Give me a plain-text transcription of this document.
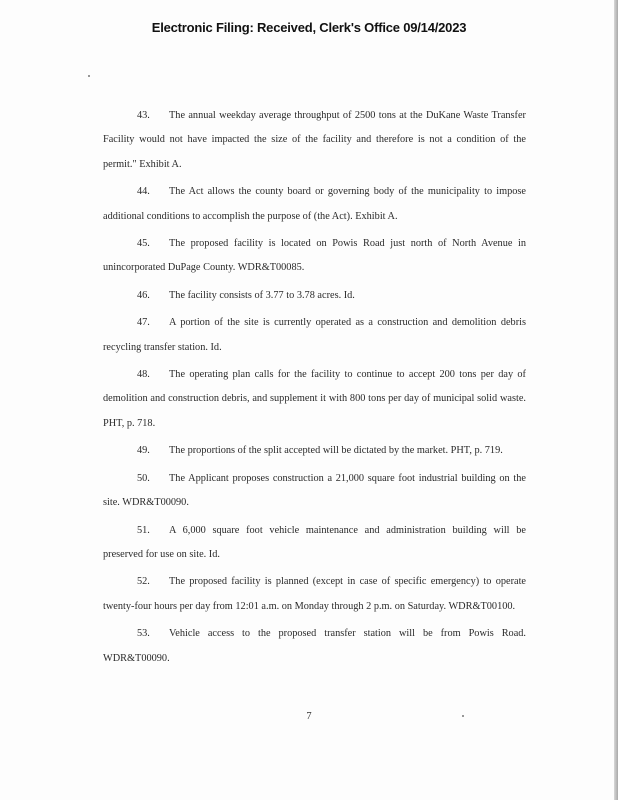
Electronic Filing: Received, Clerk's Office 09/14/2023

43. The annual weekday average throughput of 2500 tons at the DuKane Waste Transfer Facility would not have impacted the size of the facility and therefore is not a condition of the permit." Exhibit A.

44. The Act allows the county board or governing body of the municipality to impose additional conditions to accomplish the purpose of (the Act). Exhibit A.

45. The proposed facility is located on Powis Road just north of North Avenue in unincorporated DuPage County. WDR&T00085.

46. The facility consists of 3.77 to 3.78 acres. Id.

47. A portion of the site is currently operated as a construction and demolition debris recycling transfer station. Id.

48. The operating plan calls for the facility to continue to accept 200 tons per day of demolition and construction debris, and supplement it with 800 tons per day of municipal solid waste. PHT, p. 718.

49. The proportions of the split accepted will be dictated by the market. PHT, p. 719.

50. The Applicant proposes construction a 21,000 square foot industrial building on the site. WDR&T00090.

51. A 6,000 square foot vehicle maintenance and administration building will be preserved for use on site. Id.

52. The proposed facility is planned (except in case of specific emergency) to operate twenty-four hours per day from 12:01 a.m. on Monday through 2 p.m. on Saturday. WDR&T00100.

53. Vehicle access to the proposed transfer station will be from Powis Road. WDR&T00090.

7
